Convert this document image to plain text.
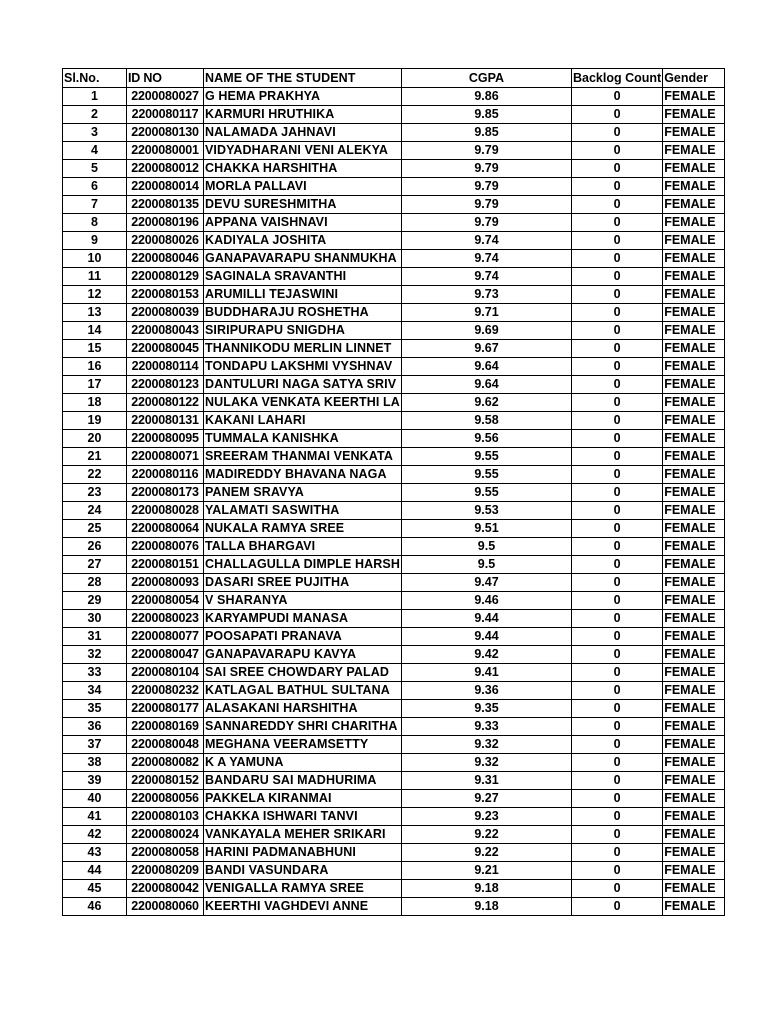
Sl.No.	ID NO	NAME OF THE STUDENT	CGPA	Backlog Count	Gender
1	2200080027	G HEMA PRAKHYA	9.86	0	FEMALE
2	2200080117	KARMURI HRUTHIKA	9.85	0	FEMALE
3	2200080130	NALAMADA JAHNAVI	9.85	0	FEMALE
4	2200080001	VIDYADHARANI VENI ALEKYA	9.79	0	FEMALE
5	2200080012	CHAKKA HARSHITHA	9.79	0	FEMALE
6	2200080014	MORLA PALLAVI	9.79	0	FEMALE
7	2200080135	DEVU SURESHMITHA	9.79	0	FEMALE
8	2200080196	APPANA VAISHNAVI	9.79	0	FEMALE
9	2200080026	KADIYALA JOSHITA	9.74	0	FEMALE
10	2200080046	GANAPAVARAPU SHANMUKHA	9.74	0	FEMALE
11	2200080129	SAGINALA SRAVANTHI	9.74	0	FEMALE
12	2200080153	ARUMILLI TEJASWINI	9.73	0	FEMALE
13	2200080039	BUDDHARAJU ROSHETHA	9.71	0	FEMALE
14	2200080043	SIRIPURAPU SNIGDHA	9.69	0	FEMALE
15	2200080045	THANNIKODU MERLIN LINNET	9.67	0	FEMALE
16	2200080114	TONDAPU LAKSHMI VYSHNAV	9.64	0	FEMALE
17	2200080123	DANTULURI NAGA SATYA SRIV	9.64	0	FEMALE
18	2200080122	NULAKA VENKATA KEERTHI LA	9.62	0	FEMALE
19	2200080131	KAKANI LAHARI	9.58	0	FEMALE
20	2200080095	TUMMALA KANISHKA	9.56	0	FEMALE
21	2200080071	SREERAM THANMAI VENKATA	9.55	0	FEMALE
22	2200080116	MADIREDDY BHAVANA NAGA	9.55	0	FEMALE
23	2200080173	PANEM SRAVYA	9.55	0	FEMALE
24	2200080028	YALAMATI SASWITHA	9.53	0	FEMALE
25	2200080064	NUKALA RAMYA SREE	9.51	0	FEMALE
26	2200080076	TALLA BHARGAVI	9.5	0	FEMALE
27	2200080151	CHALLAGULLA DIMPLE HARSH	9.5	0	FEMALE
28	2200080093	DASARI SREE PUJITHA	9.47	0	FEMALE
29	2200080054	V SHARANYA	9.46	0	FEMALE
30	2200080023	KARYAMPUDI MANASA	9.44	0	FEMALE
31	2200080077	POOSAPATI PRANAVA	9.44	0	FEMALE
32	2200080047	GANAPAVARAPU KAVYA	9.42	0	FEMALE
33	2200080104	SAI SREE CHOWDARY PALAD	9.41	0	FEMALE
34	2200080232	KATLAGAL BATHUL SULTANA	9.36	0	FEMALE
35	2200080177	ALASAKANI HARSHITHA	9.35	0	FEMALE
36	2200080169	SANNAREDDY SHRI CHARITHA	9.33	0	FEMALE
37	2200080048	MEGHANA VEERAMSETTY	9.32	0	FEMALE
38	2200080082	K A YAMUNA	9.32	0	FEMALE
39	2200080152	BANDARU SAI MADHURIMA	9.31	0	FEMALE
40	2200080056	PAKKELA KIRANMAI	9.27	0	FEMALE
41	2200080103	CHAKKA ISHWARI TANVI	9.23	0	FEMALE
42	2200080024	VANKAYALA MEHER SRIKARI	9.22	0	FEMALE
43	2200080058	HARINI PADMANABHUNI	9.22	0	FEMALE
44	2200080209	BANDI VASUNDARA	9.21	0	FEMALE
45	2200080042	VENIGALLA RAMYA SREE	9.18	0	FEMALE
46	2200080060	KEERTHI VAGHDEVI ANNE	9.18	0	FEMALE
